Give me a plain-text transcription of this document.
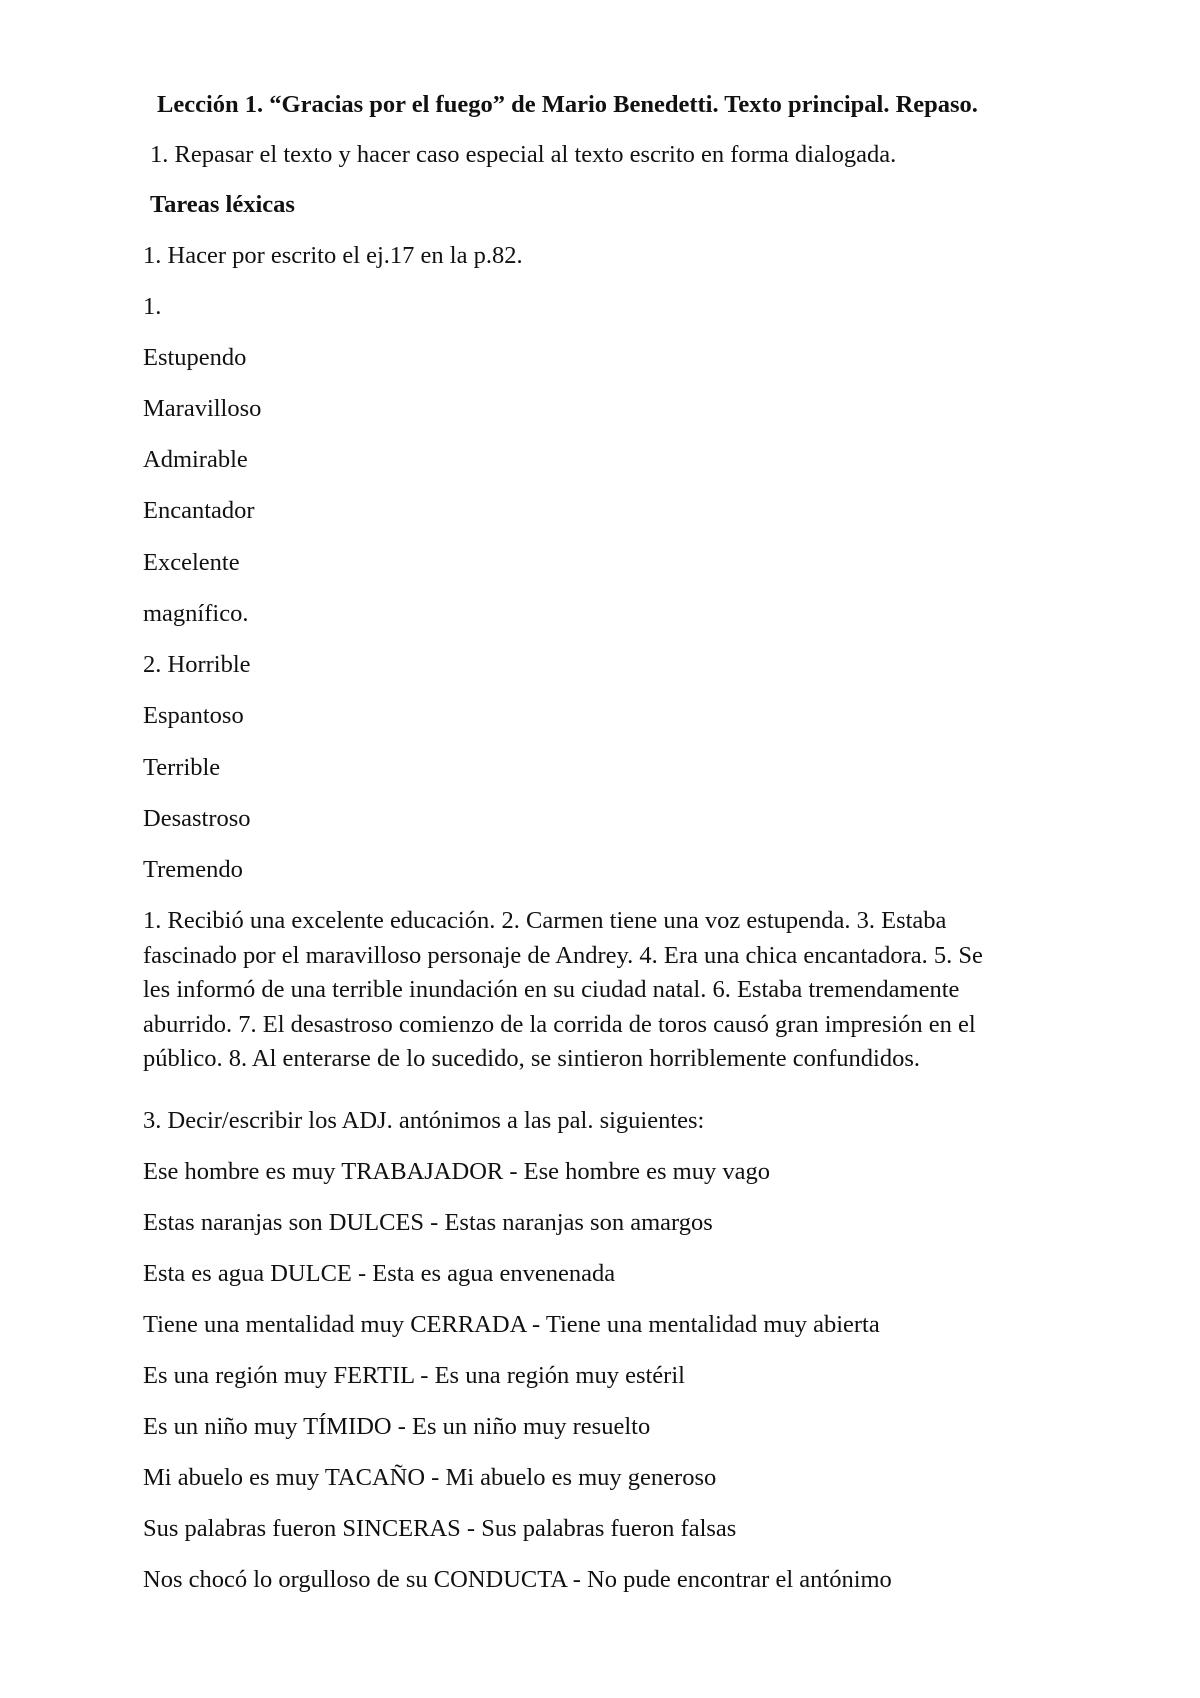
Lección 1. “Gracias por el fuego” de Mario Benedetti. Texto principal. Repaso.
1. Repasar el texto y hacer caso especial al texto escrito en forma dialogada.
Tareas léxicas
1. Hacer por escrito el ej.17 en la p.82.
1.
Estupendo
Maravilloso
Admirable
Encantador
Excelente
magnífico.
2. Horrible
Espantoso
Terrible
Desastroso
Tremendo
1. Recibió una excelente educación. 2. Carmen tiene una voz estupenda. 3. Estaba
fascinado por el maravilloso personaje de Andrey. 4. Era una chica encantadora. 5. Se
les informó de una terrible inundación en su ciudad natal. 6. Estaba tremendamente
aburrido. 7. El desastroso comienzo de la corrida de toros causó gran impresión en el
público. 8. Al enterarse de lo sucedido, se sintieron horriblemente confundidos.
3. Decir/escribir los ADJ. antónimos a las pal. siguientes:
Ese hombre es muy TRABAJADOR - Ese hombre es muy vago
Estas naranjas son DULCES - Estas naranjas son amargos
Esta es agua DULCE - Esta es agua envenenada
Tiene una mentalidad muy CERRADA - Tiene una mentalidad muy abierta
Es una región muy FERTIL - Es una región muy estéril
Es un niño muy TÍMIDO - Es un niño muy resuelto
Mi abuelo es muy TACAÑO - Mi abuelo es muy generoso
Sus palabras fueron SINCERAS - Sus palabras fueron falsas
Nos chocó lo orgulloso de su CONDUCTA - No pude encontrar el antónimo
